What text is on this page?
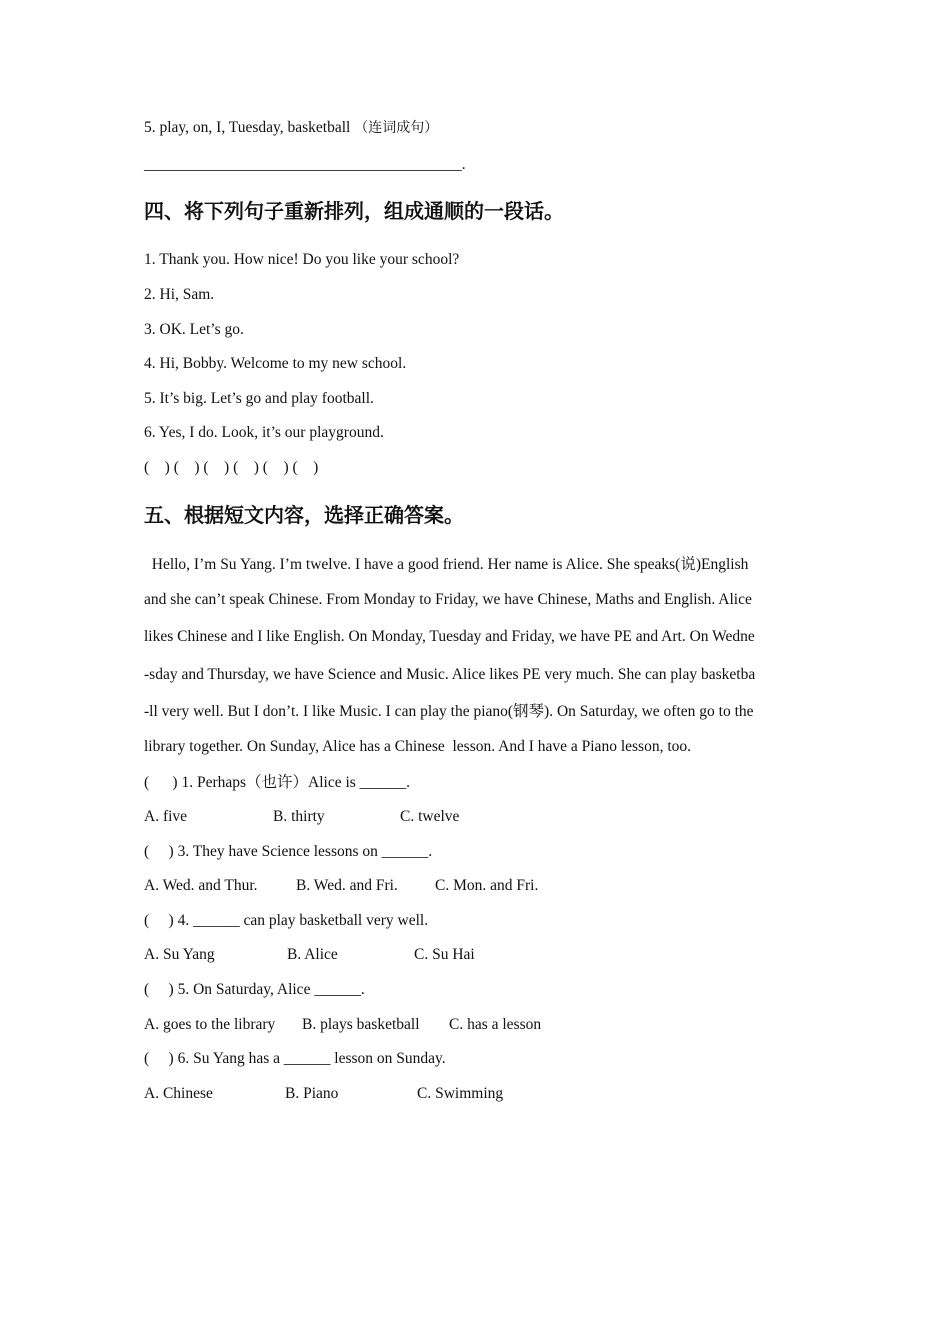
5. play, on, I, Tuesday, basketball （连词成句）
_________________________________________.
四、将下列句子重新排列，组成通顺的一段话。
1. Thank you. How nice! Do you like your school?
2. Hi, Sam.
3. OK. Let’s go.
4. Hi, Bobby. Welcome to my new school.
5. It’s big. Let’s go and play football.
6. Yes, I do. Look, it’s our playground.
(    ) (    ) (    ) (    ) (    ) (    )
五、根据短文内容，选择正确答案。
Hello, I’m Su Yang. I’m twelve. I have a good friend. Her name is Alice. She speaks(说)English
and she can’t speak Chinese. From Monday to Friday, we have Chinese, Maths and English. Alice
likes Chinese and I like English. On Monday, Tuesday and Friday, we have PE and Art. On Wedne
-sday and Thursday, we have Science and Music. Alice likes PE very much. She can play basketba
-ll very well. But I don’t. I like Music. I can play the piano(钢琴). On Saturday, we often go to the
library together. On Sunday, Alice has a Chinese  lesson. And I have a Piano lesson, too.
(      ) 1. Perhaps（也许）Alice is ______.
A. five	B. thirty	C. twelve
(     ) 3. They have Science lessons on ______.
A. Wed. and Thur. B. Wed. and Fri. C. Mon. and Fri.
(     ) 4. ______ can play basketball very well.
A. Su Yang	B. Alice	C. Su Hai
(     ) 5. On Saturday, Alice ______.
A. goes to the library B. plays basketball C. has a lesson
(     ) 6. Su Yang has a ______ lesson on Sunday.
A. Chinese	B. Piano	C. Swimming
